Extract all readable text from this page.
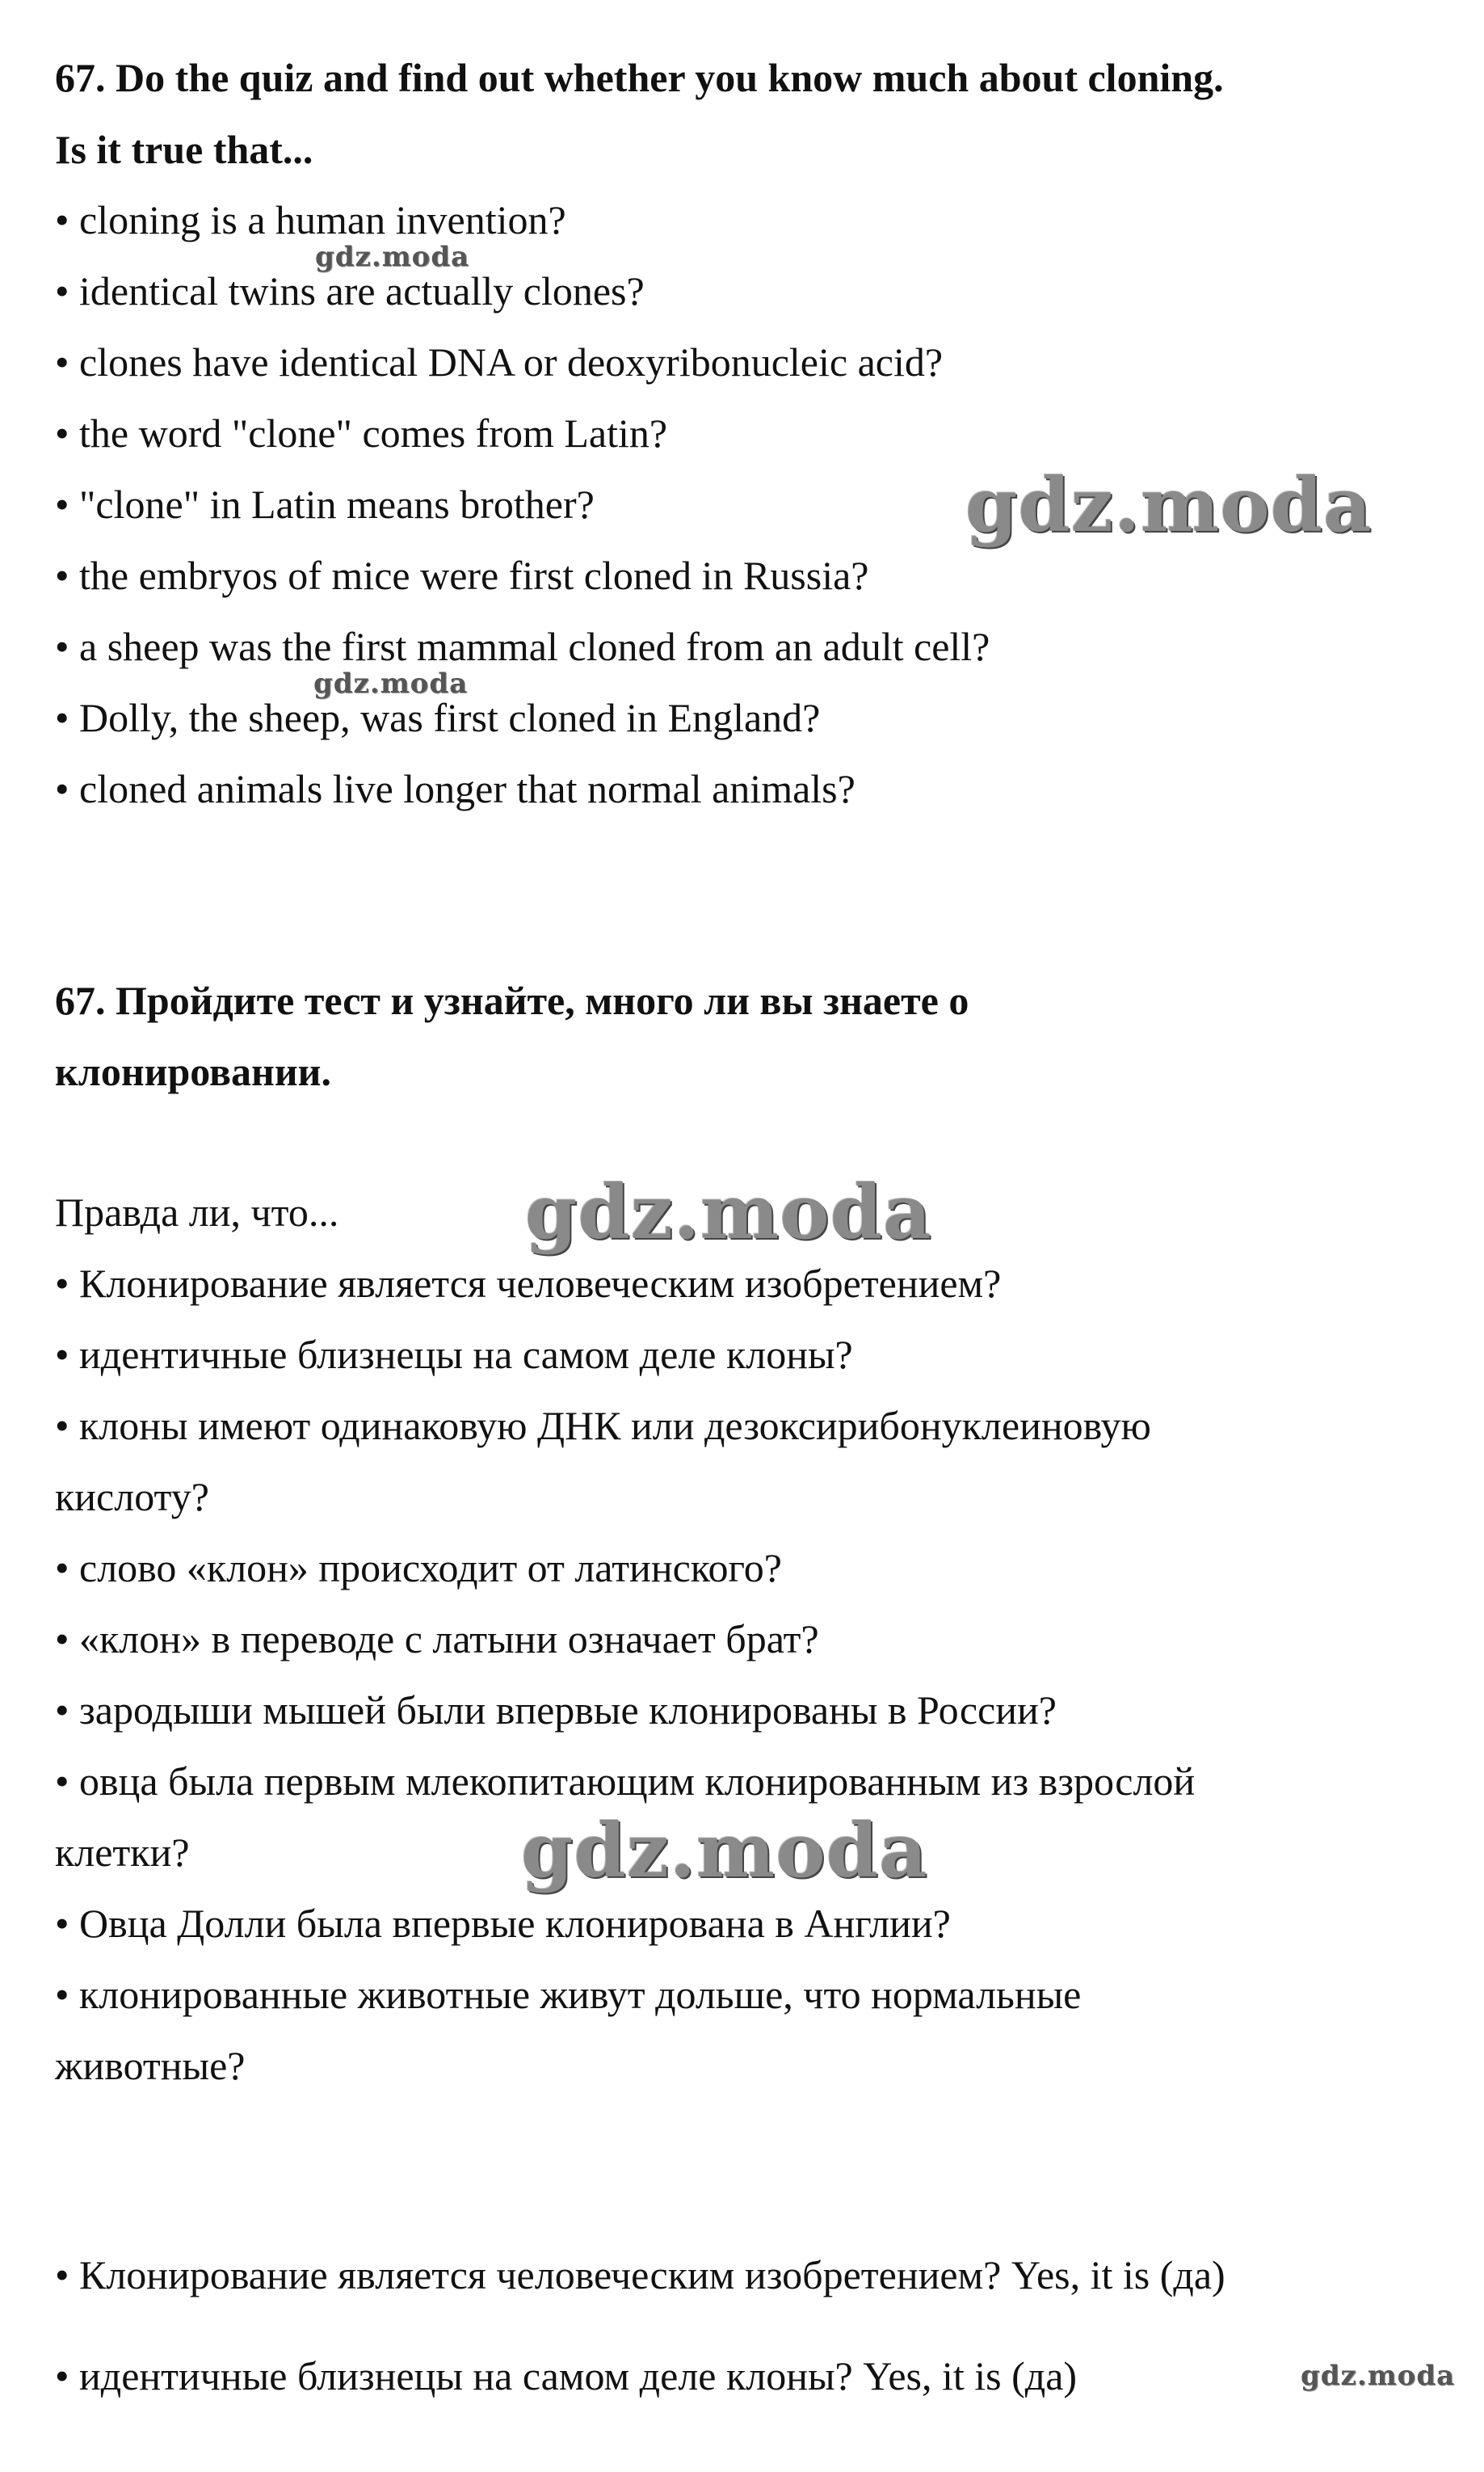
67. Do the quiz and find out whether you know much about cloning.
Is it true that...
• cloning is a human invention?
• identical twins are actually clones?
• clones have identical DNA or deoxyribonucleic acid?
• the word "clone" comes from Latin?
• "clone" in Latin means brother?
• the embryos of mice were first cloned in Russia?
• a sheep was the first mammal cloned from an adult cell?
• Dolly, the sheep, was first cloned in England?
• cloned animals live longer that normal animals?
67. Пройдите тест и узнайте, много ли вы знаете о
клонировании.
Правда ли, что...
• Клонирование является человеческим изобретением?
• идентичные близнецы на самом деле клоны?
• клоны имеют одинаковую ДНК или дезоксирибонуклеиновую
кислоту?
• слово «клон» происходит от латинского?
• «клон» в переводе с латыни означает брат?
• зародыши мышей были впервые клонированы в России?
• овца была первым млекопитающим клонированным из взрослой
клетки?
• Овца Долли была впервые клонирована в Англии?
• клонированные животные живут дольше, что нормальные
животные?
• Клонирование является человеческим изобретением? Yes, it is (да)
• идентичные близнецы на самом деле клоны? Yes, it is (да)
gdz.moda
gdz.moda
gdz.moda
gdz.moda
gdz.moda
gdz.moda
